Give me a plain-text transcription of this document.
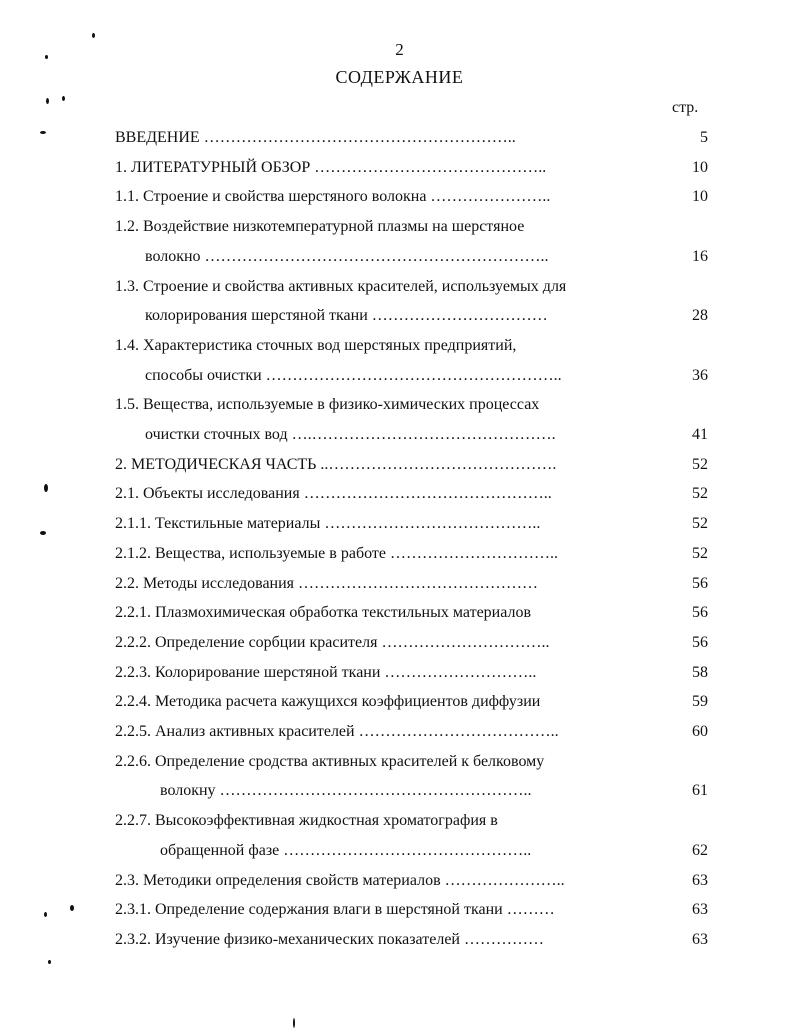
2
СОДЕРЖАНИЕ
стр.
ВВЕДЕНИЕ …………………………………………………..	5
1. ЛИТЕРАТУРНЫЙ ОБЗОР ……………………………………..	10
1.1. Строение и свойства шерстяного волокна …………………..	10
1.2. Воздействие низкотемпературной плазмы на шерстяное
волокно ………………………………………………………..	16
1.3. Строение и свойства активных красителей, используемых для
колорирования шерстяной ткани ……………………………	28
1.4. Характеристика сточных вод шерстяных предприятий,
способы очистки ………………………………………………..	36
1.5. Вещества, используемые в физико-химических процессах
очистки сточных вод ….……………………………………….	41
2. МЕТОДИЧЕСКАЯ ЧАСТЬ ..…………………………………….	52
2.1. Объекты исследования ………………………………………..	52
2.1.1. Текстильные материалы …………………………………..	52
2.1.2. Вещества, используемые в работе …………………………..	52
2.2. Методы исследования ………………………………………	56
2.2.1. Плазмохимическая обработка текстильных материалов	56
2.2.2. Определение сорбции красителя …………………………..	56
2.2.3. Колорирование шерстяной ткани ………………………..	58
2.2.4. Методика расчета кажущихся коэффициентов диффузии	59
2.2.5. Анализ активных красителей ………………………………..	60
2.2.6. Определение сродства активных красителей к белковому
волокну …………………………………………………..	61
2.2.7. Высокоэффективная жидкостная хроматография в
обращенной фазе ………………………………………..	62
2.3. Методики определения свойств материалов …………………..	63
2.3.1. Определение содержания влаги в шерстяной ткани ………	63
2.3.2. Изучение физико-механических показателей ……………	63
